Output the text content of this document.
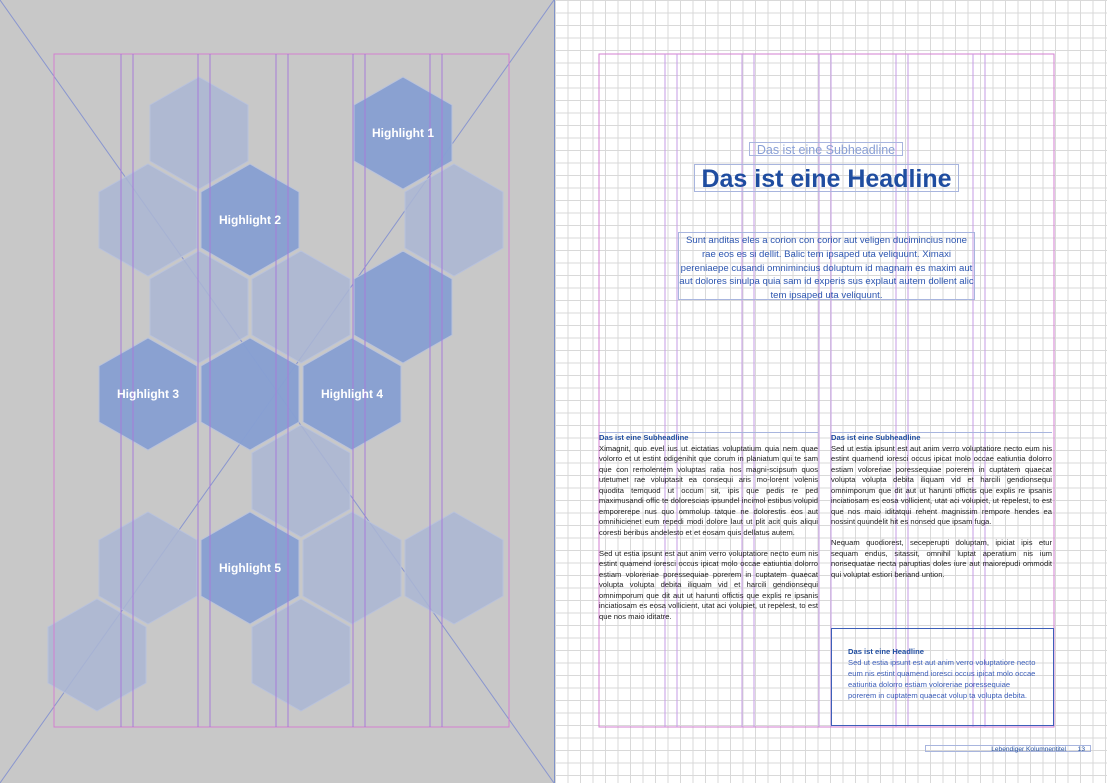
Highlight 1
Highlight 2
Highlight 3	Highlight 4
Highlight 5
Das ist eine Subheadline
Das ist eine Headline
Sunt anditas eles a corion con corior aut veligen ducimincius none rae eos es si dellit. Balic tem ipsaped uta veliquunt. Ximaxi pereniaepe cusandi omnimincius doluptum id magnam es maxim aut aut dolores sinulpa quia sam id experis sus explaut autem dollent alic tem ipsaped uta veliquunt.
Das ist eine Subheadline

Ximagnit, quo evel ius ut eictatias voluptatium quia nem quae volorro et ut estint odigenihit que corum in planiatum qui te sam que con remolentem voluptas ratia nos magni-scipsum quos utetumet rae voluptasit ea consequi aris mo-lorent volenis quodita temquod ut occum sit, ipis que pedis re ped maximusandi offic te dolorescias ipsundel incimol estibus volupid emporerepe nus quo ommolup tatque ne dolorestis eos aut omnihicienet eum repedi modi dolore laut ut plit acit quis aliqui coresti beribus andelesto et et eosam quis dellatus autem.

Sed ut estia ipsunt est aut anim verro voluptatiore necto eum nis estint quamend ioresci occus ipicat molo occae eatiuntia dolorro estiam voloreriae poressequiae porerem in cuptatem quaecat volupta volupta debita iliquam vid et harcili gendionsequi omnimporum que dit aut ut harunti offictis que explis re ipsanis inciatiosam es eosa vollicient, utat aci volupiet, ut repelest, to est que nos maio iditatre.

Das ist eine Subheadline

Sed ut estia ipsunt est aut anim verro voluptatiore necto eum nis estint quamend ioresci occus ipicat molo occae eatiuntia dolorro estiam voloreriae poressequiae porerem in cuptatem quaecat volupta volupta debita iliquam vid et harcili gendionsequi omnimporum que dit aut ut harunti offictis que explis re ipsanis inciatiosam es eosa vollicient, utat aci volupiet, ut repelest, to est que nos maio iditatqui rehent magnissim rempore hendes ea nossint quundelit hit es nonsed que ipsam fuga.

Nequam quodiorest, seceperupti doluptam, ipiciat ipis etur sequam endus, sitassit, omnihil luptat aperatium nis ium nonsequatae necta paruptias doles iure aut maiorepudi ommodit qui voluptat estiori beriand untion.

Das ist eine Headline
Sed ut estia ipsunt est aut anim verro voluptatiore necto eum nis estint quamend ioresci occus ipicat molo occae eatiuntia dolorro estiam voloreriae poressequiae porerem in cuptatem quaecat volup ta volupta debita.
Lebendiger Kolumnentitel 13
